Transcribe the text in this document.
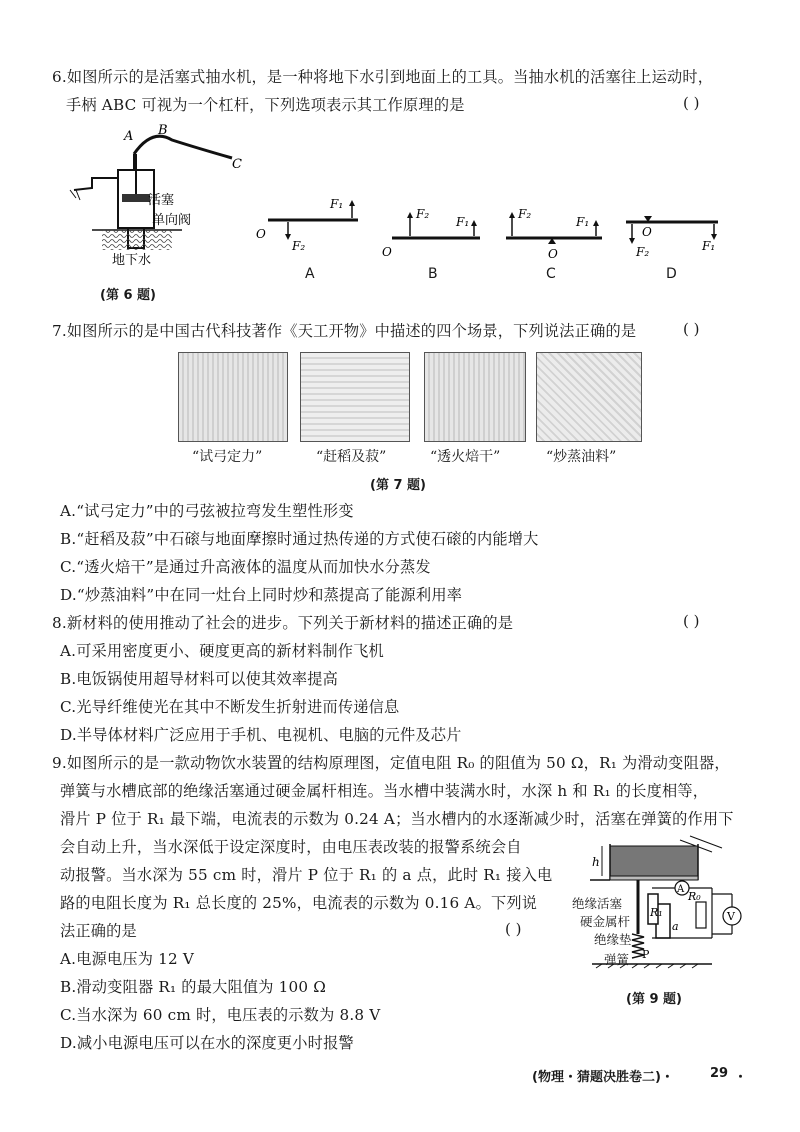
6.如图所示的是活塞式抽水机，是一种将地下水引到地面上的工具。当抽水机的活塞往上运动时，
手柄 ABC 可视为一个杠杆，下列选项表示其工作原理的是	( )
A B
C
活塞
单向阀
地下水
(第 6 题)
O
F₁
F₂
A
O
F₂
F₁
B
O
F₂
F₁
C
O
F₂	F₁
D
7.如图所示的是中国古代科技著作《天工开物》中描述的四个场景，下列说法正确的是	( )
“试弓定力”	“赶稻及菽”	“透火焙干”	“炒蒸油料”
(第 7 题)
A.“试弓定力”中的弓弦被拉弯发生塑性形变
B.“赶稻及菽”中石磙与地面摩擦时通过热传递的方式使石磙的内能增大
C.“透火焙干”是通过升高液体的温度从而加快水分蒸发
D.“炒蒸油料”中在同一灶台上同时炒和蒸提高了能源利用率
8.新材料的使用推动了社会的进步。下列关于新材料的描述正确的是	( )
A.可采用密度更小、硬度更高的新材料制作飞机
B.电饭锅使用超导材料可以使其效率提高
C.光导纤维使光在其中不断发生折射进而传递信息
D.半导体材料广泛应用于手机、电视机、电脑的元件及芯片
9.如图所示的是一款动物饮水装置的结构原理图，定值电阻 R₀ 的阻值为 50 Ω，R₁ 为滑动变阻器，
弹簧与水槽底部的绝缘活塞通过硬金属杆相连。当水槽中装满水时，水深 h 和 R₁ 的长度相等，
滑片 P 位于 R₁ 最下端，电流表的示数为 0.24 A；当水槽内的水逐渐减少时，活塞在弹簧的作用下
会自动上升，当水深低于设定深度时，由电压表改装的报警系统会自
动报警。当水深为 55 cm 时，滑片 P 位于 R₁ 的 a 点，此时 R₁ 接入电
路的电阻长度为 R₁ 总长度的 25%，电流表的示数为 0.16 A。下列说
法正确的是	( )
A.电源电压为 12 V
B.滑动变阻器 R₁ 的最大阻值为 100 Ω
C.当水深为 60 cm 时，电压表的示数为 8.8 V
D.减小电源电压可以在水的深度更小时报警
h
A
V
R₁
R₀
a
P
绝缘活塞
硬金属杆
绝缘垫
弹簧
(第 9 题)
(物理・猜题决胜卷二)・	29 ・
